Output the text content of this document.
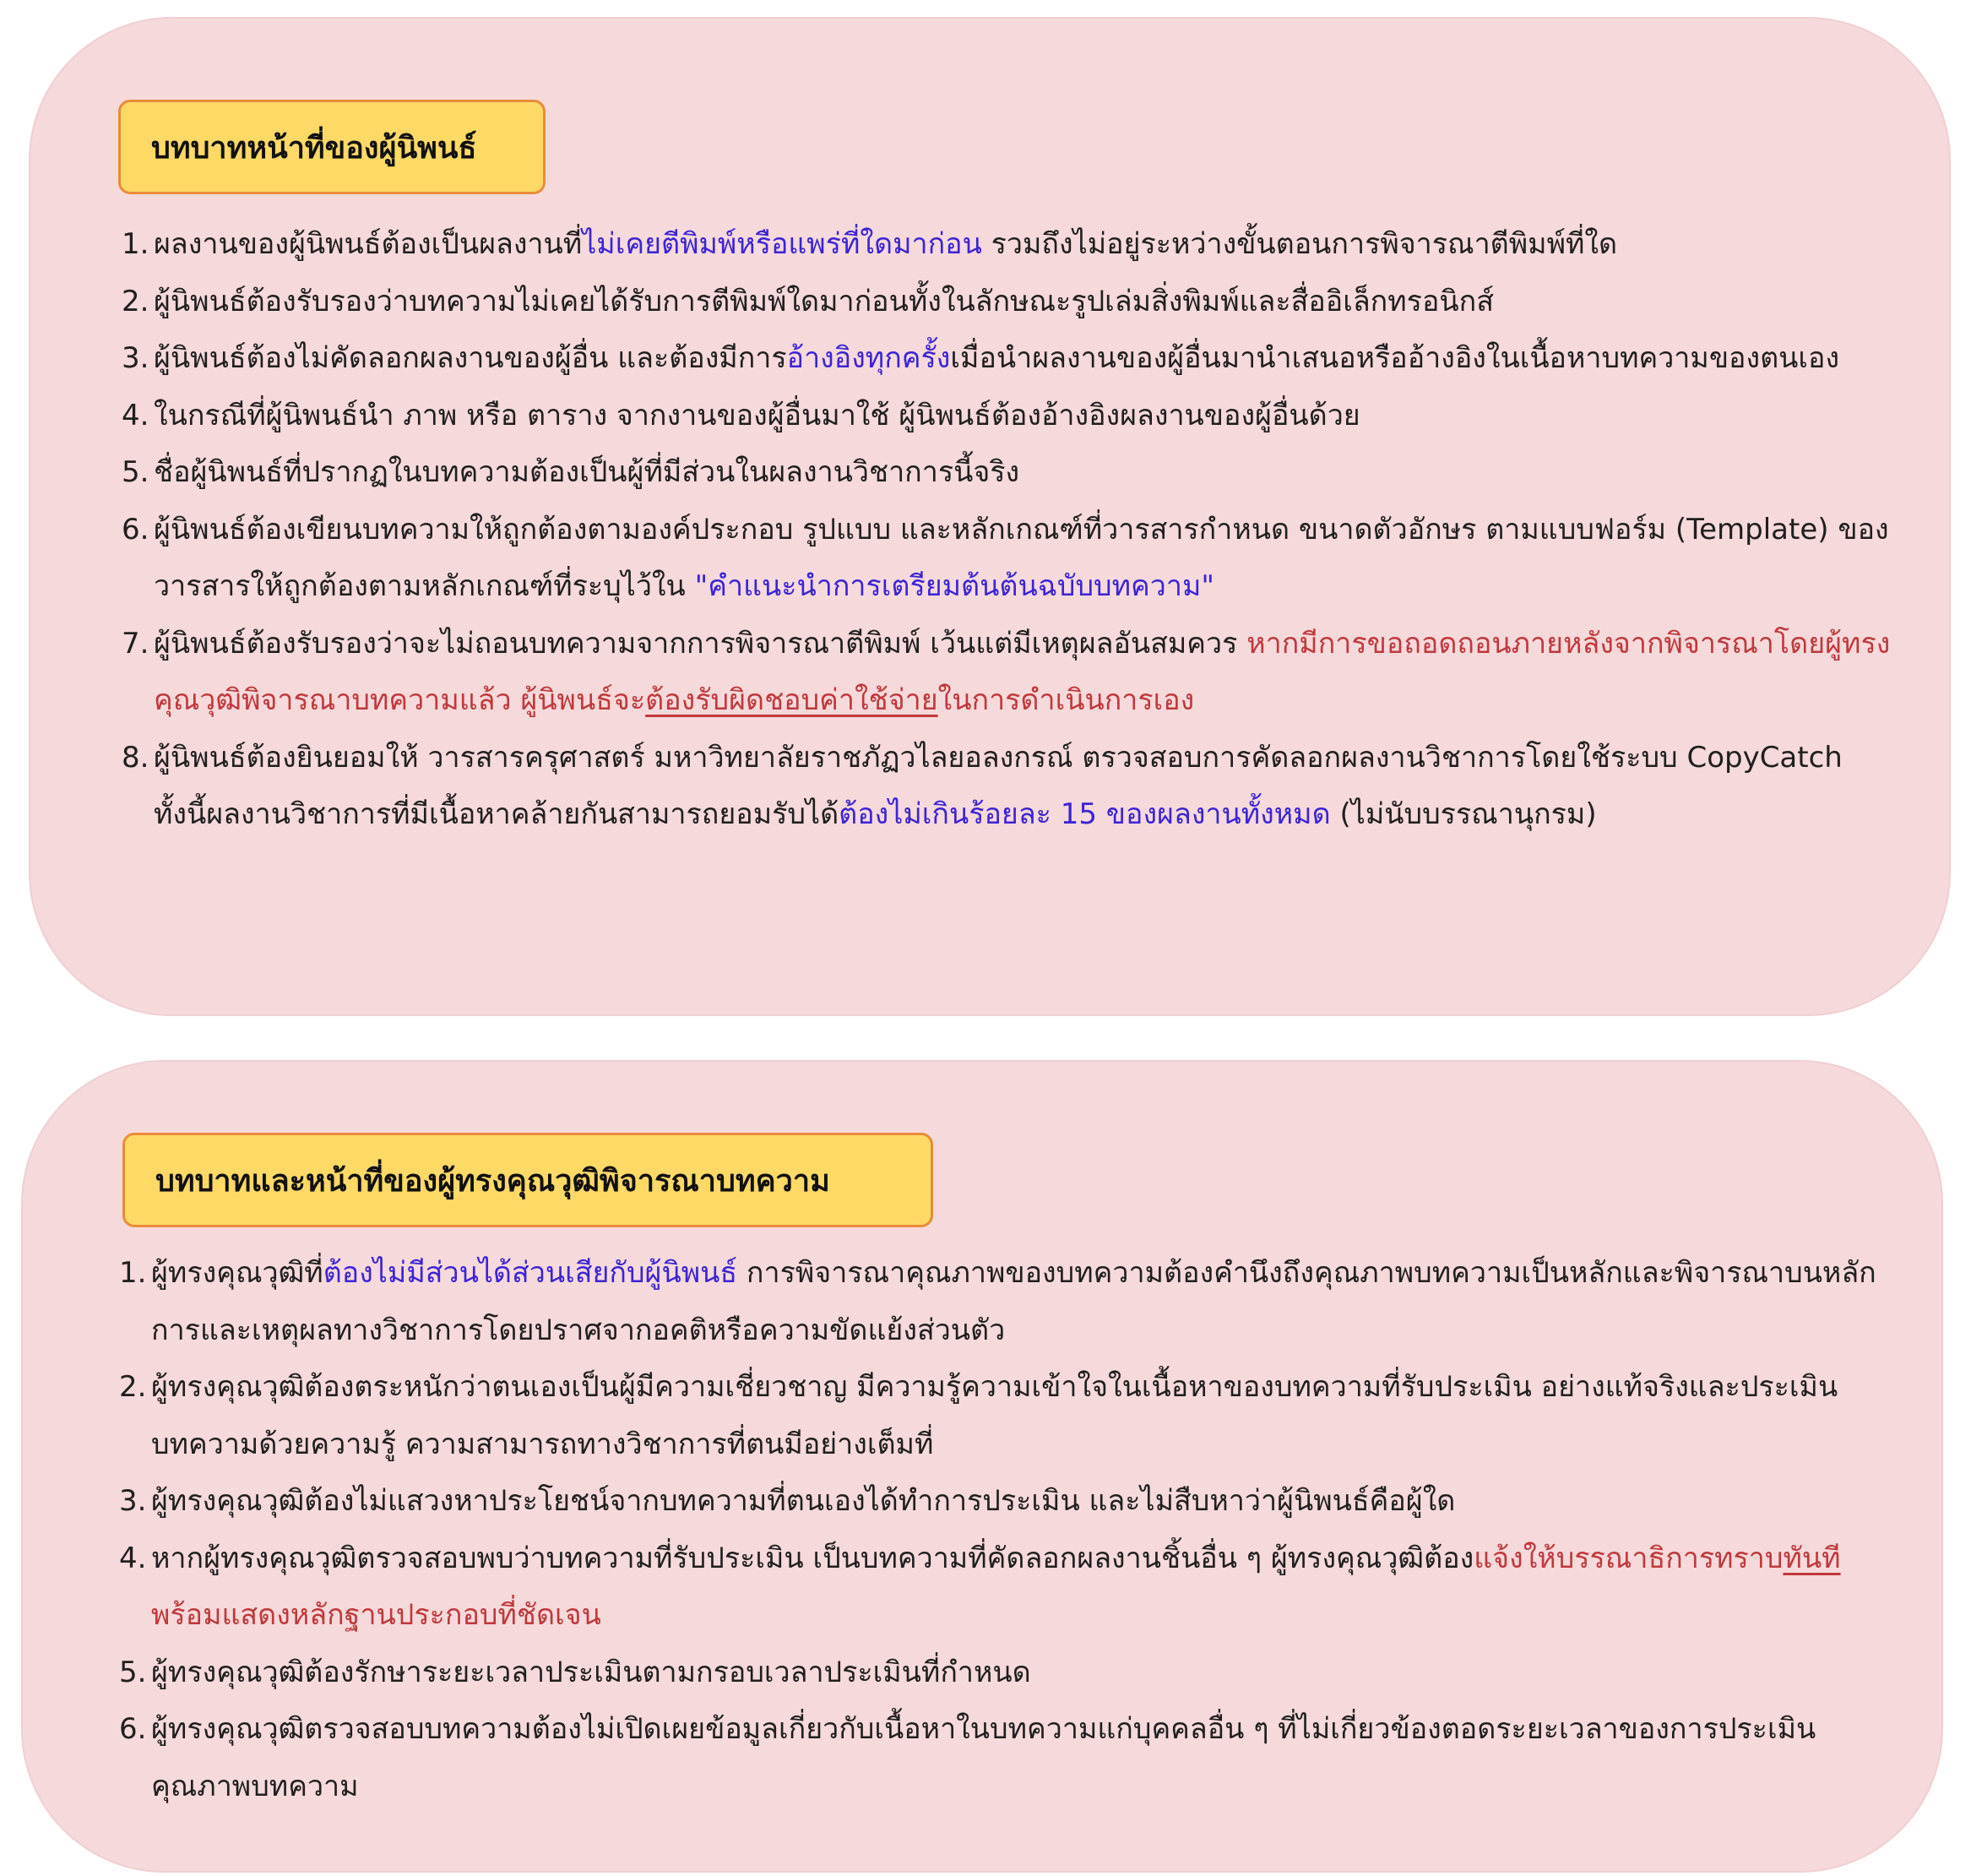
บทบาทหน้าที่ของผู้นิพนธ์
1. ผลงานของผู้นิพนธ์ต้องเป็นผลงานที่ไม่เคยตีพิมพ์หรือแพร่ที่ใดมาก่อน รวมถึงไม่อยู่ระหว่างขั้นตอนการพิจารณาตีพิมพ์ที่ใด
2. ผู้นิพนธ์ต้องรับรองว่าบทความไม่เคยได้รับการตีพิมพ์ใดมาก่อนทั้งในลักษณะรูปเล่มสิ่งพิมพ์และสื่ออิเล็กทรอนิกส์
3. ผู้นิพนธ์ต้องไม่คัดลอกผลงานของผู้อื่น และต้องมีการอ้างอิงทุกครั้งเมื่อนำผลงานของผู้อื่นมานำเสนอหรืออ้างอิงในเนื้อหาบทความของตนเอง
4. ในกรณีที่ผู้นิพนธ์นำ ภาพ หรือ ตาราง จากงานของผู้อื่นมาใช้ ผู้นิพนธ์ต้องอ้างอิงผลงานของผู้อื่นด้วย
5. ชื่อผู้นิพนธ์ที่ปรากฏในบทความต้องเป็นผู้ที่มีส่วนในผลงานวิชาการนี้จริง
6. ผู้นิพนธ์ต้องเขียนบทความให้ถูกต้องตามองค์ประกอบ รูปแบบ และหลักเกณฑ์ที่วารสารกำหนด ขนาดตัวอักษร ตามแบบฟอร์ม (Template) ของวารสารให้ถูกต้องตามหลักเกณฑ์ที่ระบุไว้ใน "คำแนะนำการเตรียมต้นต้นฉบับบทความ"
7. ผู้นิพนธ์ต้องรับรองว่าจะไม่ถอนบทความจากการพิจารณาตีพิมพ์ เว้นแต่มีเหตุผลอันสมควร หากมีการขอถอดถอนภายหลังจากพิจารณาโดยผู้ทรงคุณวุฒิพิจารณาบทความแล้ว ผู้นิพนธ์จะต้องรับผิดชอบค่าใช้จ่ายในการดำเนินการเอง
8. ผู้นิพนธ์ต้องยินยอมให้ วารสารครุศาสตร์ มหาวิทยาลัยราชภัฏวไลยอลงกรณ์ ตรวจสอบการคัดลอกผลงานวิชาการโดยใช้ระบบ CopyCatch ทั้งนี้ผลงานวิชาการที่มีเนื้อหาคล้ายกันสามารถยอมรับได้ต้องไม่เกินร้อยละ 15 ของผลงานทั้งหมด (ไม่นับบรรณานุกรม)
บทบาทและหน้าที่ของผู้ทรงคุณวุฒิพิจารณาบทความ
1. ผู้ทรงคุณวุฒิที่ต้องไม่มีส่วนได้ส่วนเสียกับผู้นิพนธ์ การพิจารณาคุณภาพของบทความต้องคำนึงถึงคุณภาพบทความเป็นหลักและพิจารณาบนหลักการและเหตุผลทางวิชาการโดยปราศจากอคติหรือความขัดแย้งส่วนตัว
2. ผู้ทรงคุณวุฒิต้องตระหนักว่าตนเองเป็นผู้มีความเชี่ยวชาญ มีความรู้ความเข้าใจในเนื้อหาของบทความที่รับประเมิน อย่างแท้จริงและประเมินบทความด้วยความรู้ ความสามารถทางวิชาการที่ตนมีอย่างเต็มที่
3. ผู้ทรงคุณวุฒิต้องไม่แสวงหาประโยชน์จากบทความที่ตนเองได้ทำการประเมิน และไม่สืบหาว่าผู้นิพนธ์คือผู้ใด
4. หากผู้ทรงคุณวุฒิตรวจสอบพบว่าบทความที่รับประเมิน เป็นบทความที่คัดลอกผลงานชิ้นอื่น ๆ ผู้ทรงคุณวุฒิต้องแจ้งให้บรรณาธิการทราบทันที พร้อมแสดงหลักฐานประกอบที่ชัดเจน
5. ผู้ทรงคุณวุฒิต้องรักษาระยะเวลาประเมินตามกรอบเวลาประเมินที่กำหนด
6. ผู้ทรงคุณวุฒิตรวจสอบบทความต้องไม่เปิดเผยข้อมูลเกี่ยวกับเนื้อหาในบทความแก่บุคคลอื่น ๆ ที่ไม่เกี่ยวข้องตอดระยะเวลาของการประเมินคุณภาพบทความ
